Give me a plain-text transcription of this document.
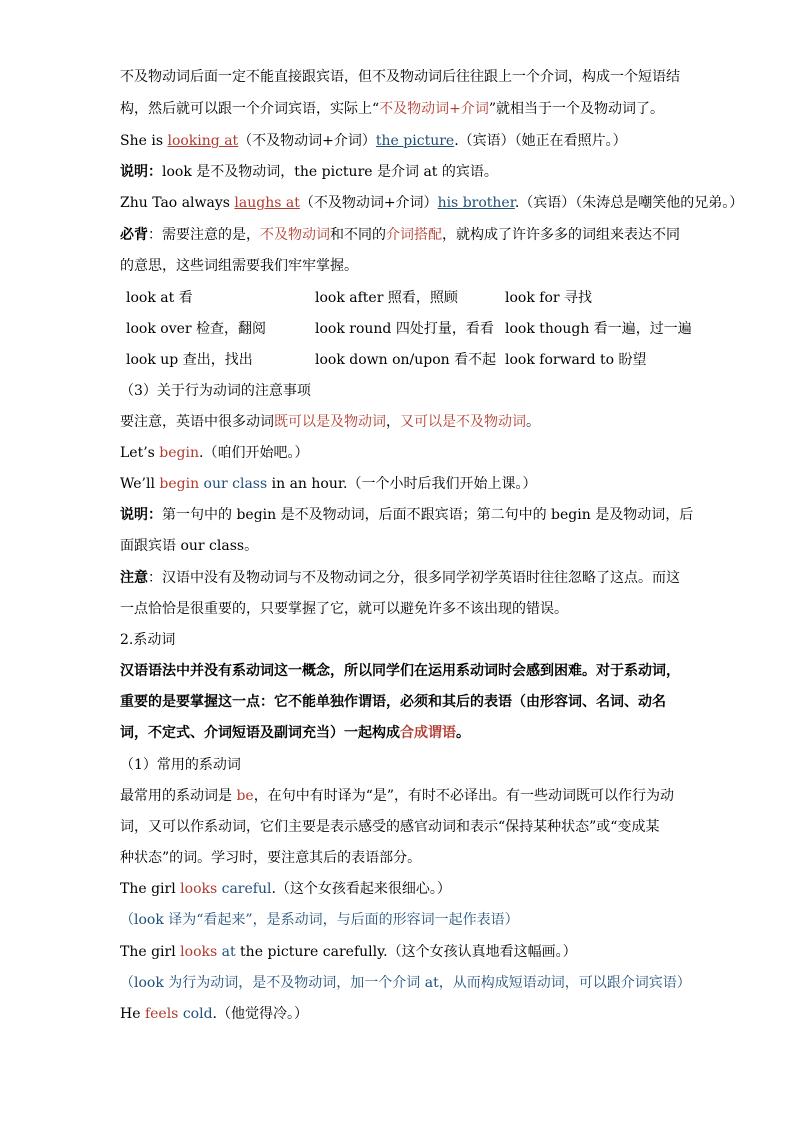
不及物动词后面一定不能直接跟宾语，但不及物动词后往往跟上一个介词，构成一个短语结
构，然后就可以跟一个介词宾语，实际上“不及物动词+介词”就相当于一个及物动词了。
She is looking at（不及物动词+介词）the picture.（宾语）（她正在看照片。）
说明：look 是不及物动词，the picture 是介词 at 的宾语。
Zhu Tao always laughs at（不及物动词+介词）his brother.（宾语）（朱涛总是嘲笑他的兄弟。）
必背：需要注意的是，不及物动词和不同的介词搭配，就构成了许许多多的词组来表达不同
的意思，这些词组需要我们牢牢掌握。
look at 看	look after 照看，照顾	look for 寻找
look over 检查，翻阅	look round 四处打量，看看 look though 看一遍，过一遍
look up 查出，找出	look down on/upon 看不起 look forward to 盼望
（3）关于行为动词的注意事项
要注意，英语中很多动词既可以是及物动词，又可以是不及物动词。
Let’s begin.（咱们开始吧。）
We’ll begin our class in an hour.（一个小时后我们开始上课。）
说明：第一句中的 begin 是不及物动词，后面不跟宾语；第二句中的 begin 是及物动词，后
面跟宾语 our class。
注意：汉语中没有及物动词与不及物动词之分，很多同学初学英语时往往忽略了这点。而这
一点恰恰是很重要的，只要掌握了它，就可以避免许多不该出现的错误。
2.系动词
汉语语法中并没有系动词这一概念，所以同学们在运用系动词时会感到困难。对于系动词，
重要的是要掌握这一点：它不能单独作谓语，必须和其后的表语（由形容词、名词、动名
词，不定式、介词短语及副词充当）一起构成合成谓语。
（1）常用的系动词
最常用的系动词是 be，在句中有时译为“是”，有时不必译出。有一些动词既可以作行为动
词，又可以作系动词，它们主要是表示感受的感官动词和表示“保持某种状态”或“变成某
种状态”的词。学习时，要注意其后的表语部分。
The girl looks careful.（这个女孩看起来很细心。）
（look 译为“看起来”，是系动词，与后面的形容词一起作表语）
The girl looks at the picture carefully.（这个女孩认真地看这幅画。）
（look 为行为动词，是不及物动词，加一个介词 at，从而构成短语动词，可以跟介词宾语）
He feels cold.（他觉得冷。）
